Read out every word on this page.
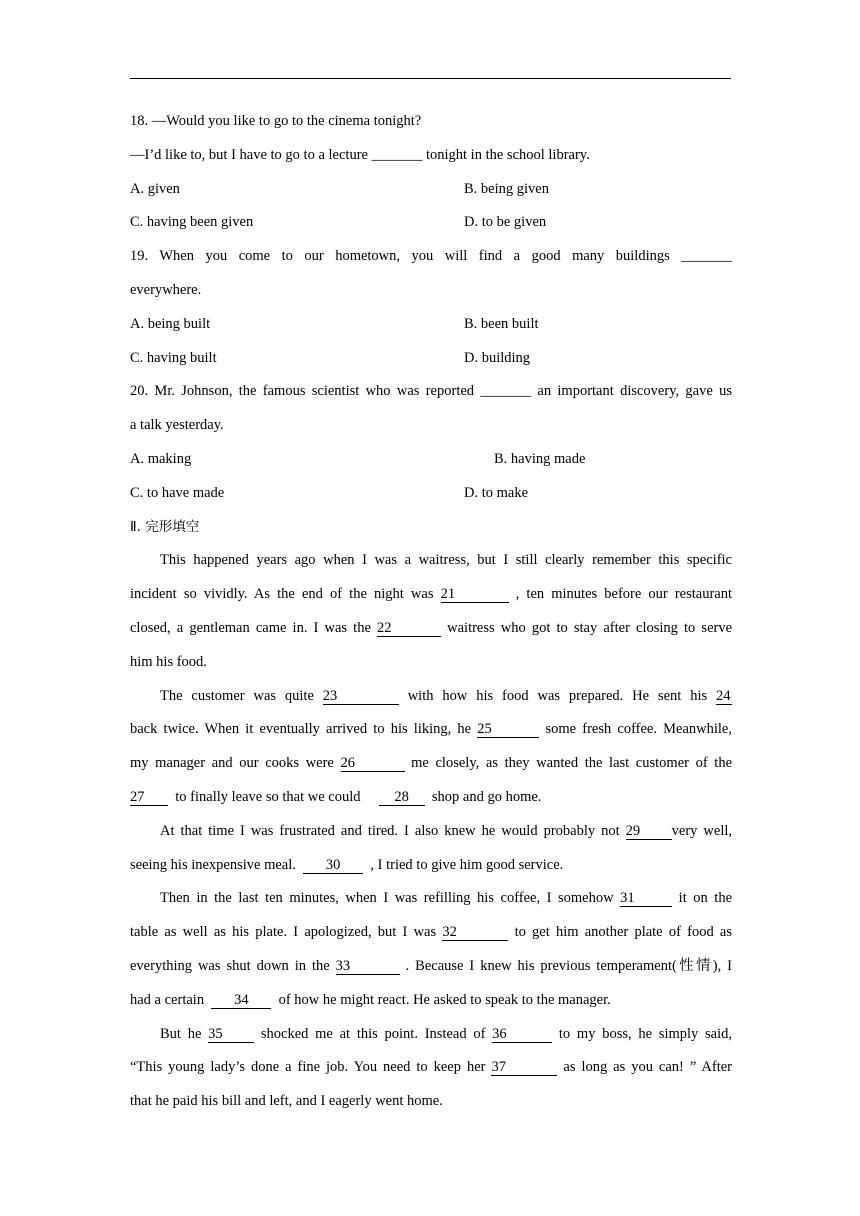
18. —Would you like to go to the cinema tonight?
—I’d like to, but I have to go to a lecture _______ tonight in the school library.
A. given	B. being given
C. having been given	D. to be given
19. When you come to our hometown, you will find a good many buildings _______
everywhere.
A. being built	B. been built
C. having built	D. building
20. Mr. Johnson, the famous scientist who was reported _______ an important discovery, gave us
a talk yesterday.
A. making	B. having made
C. to have made	D. to make
Ⅱ. 完形填空
This happened years ago when I was a waitress, but I still clearly remember this specific
incident so vividly. As the end of the night was 21	, ten minutes before our restaurant
closed, a gentleman came in. I was the 22	waitress who got to stay after closing to serve
him his food.
The customer was quite 23	with how his food was prepared. He sent his 24
back twice. When it eventually arrived to his liking, he 25	some fresh coffee. Meanwhile,
my manager and our cooks were 26	me closely, as they wanted the last customer of the
27 to finally leave so that we could 28 shop and go home.
At that time I was frustrated and tired. I also knew he would probably not 29 very well,
seeing his inexpensive meal. 30 , I tried to give him good service.
Then in the last ten minutes, when I was refilling his coffee, I somehow 31	it on the
table as well as his plate. I apologized, but I was 32	to get him another plate of food as
everything was shut down in the 33	. Because I knew his previous temperament(性情), I
had a certain 34 of how he might react. He asked to speak to the manager.
But he 35	shocked me at this point. Instead of 36	to my boss, he simply said,
“This young lady’s done a fine job. You need to keep her 37	as long as you can! ” After
that he paid his bill and left, and I eagerly went home.
